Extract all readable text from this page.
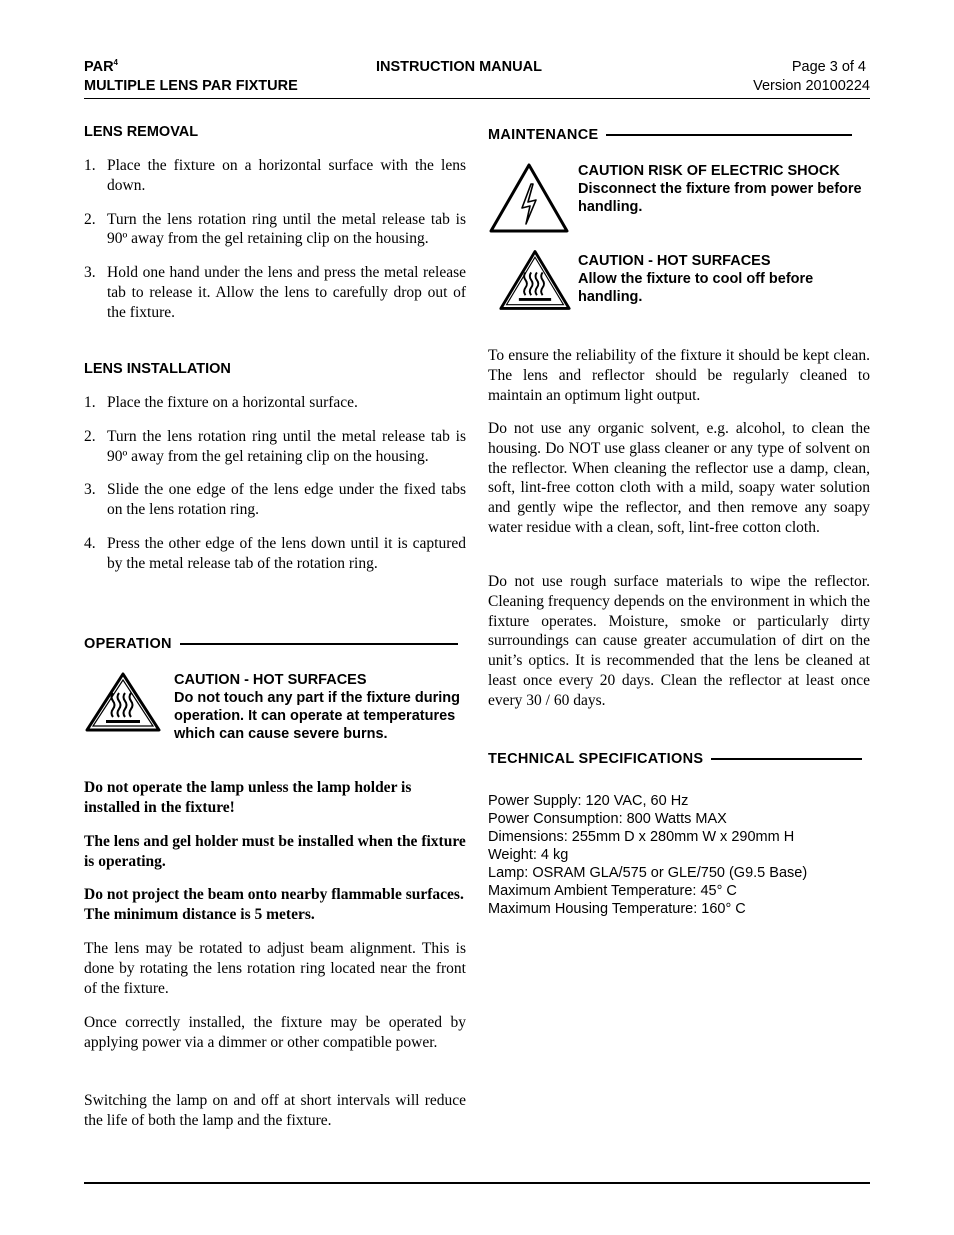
PAR$^4$
MULTIPLE LENS PAR FIXTURE
INSTRUCTION MANUAL	Page 3 of 4
Version 20100224
LENS REMOVAL
1. Place the fixture on a horizontal surface with the lens down.
2. Turn the lens rotation ring until the metal release tab is 90º away from the gel retaining clip on the housing.
3. Hold one hand under the lens and press the metal release tab to release it. Allow the lens to carefully drop out of the fixture.
LENS INSTALLATION
1. Place the fixture on a horizontal surface.
2. Turn the lens rotation ring until the metal release tab is 90º away from the gel retaining clip on the housing.
3. Slide the one edge of the lens edge under the fixed tabs on the lens rotation ring.
4. Press the other edge of the lens down until it is captured by the metal release tab of the rotation ring.
OPERATION
CAUTION - HOT SURFACES
Do not touch any part if the fixture during operation. It can operate at temperatures which can cause severe burns.

Do not operate the lamp unless the lamp holder is installed in the fixture!

The lens and gel holder must be installed when the fixture is operating.

Do not project the beam onto nearby flammable surfaces. The minimum distance is 5 meters.

The lens may be rotated to adjust beam alignment. This is done by rotating the lens rotation ring located near the front of the fixture.

Once correctly installed, the fixture may be operated by applying power via a dimmer or other compatible power.

Switching the lamp on and off at short intervals will reduce the life of both the lamp and the fixture.

MAINTENANCE
CAUTION RISK OF ELECTRIC SHOCK
Disconnect the fixture from power before handling.
CAUTION - HOT SURFACES
Allow the fixture to cool off before handling.

To ensure the reliability of the fixture it should be kept clean. The lens and reflector should be regularly cleaned to maintain an optimum light output.

Do not use any organic solvent, e.g. alcohol, to clean the housing. Do NOT use glass cleaner or any type of solvent on the reflector. When cleaning the reflector use a damp, clean, soft, lint-free cotton cloth with a mild, soapy water solution and gently wipe the reflector, and then remove any soapy water residue with a clean, soft, lint-free cotton cloth.

Do not use rough surface materials to wipe the reflector. Cleaning frequency depends on the environment in which the fixture operates. Moisture, smoke or particularly dirty surroundings can cause greater accumulation of dirt on the unit’s optics. It is recommended that the lens be cleaned at least once every 20 days. Clean the reflector at least once every 30 / 60 days.

TECHNICAL SPECIFICATIONS
Power Supply: 120 VAC, 60 Hz
Power Consumption: 800 Watts MAX
Dimensions: 255mm D x 280mm W x 290mm H
Weight: 4 kg
Lamp: OSRAM GLA/575 or GLE/750 (G9.5 Base)
Maximum Ambient Temperature: 45° C
Maximum Housing Temperature: 160° C
